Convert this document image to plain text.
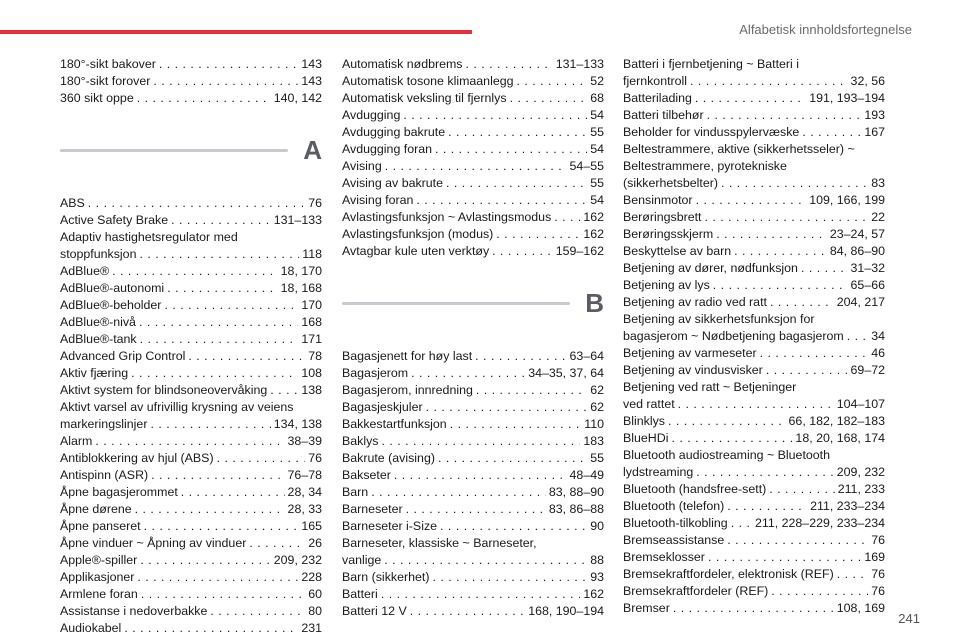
Alfabetisk innholdsfortegnelse
241
180°-sikt bakover . . .	143
180°-sikt forover . . .	143
360 sikt oppe . . .	140, 142
A
ABS . . .	76
Active Safety Brake . . .	131–133
Adaptiv hastighetsregulator med
stoppfunksjon . . .	118
AdBlue® . . .	18, 170
AdBlue®-autonomi . . .	18, 168
AdBlue®-beholder . . .	170
AdBlue®-nivå . . .	168
AdBlue®-tank . . .	171
Advanced Grip Control . . .	78
Aktiv fjæring . . .	108
Aktivt system for blindsoneovervåking . . .	138
Aktivt varsel av ufrivillig krysning av veiens
markeringslinjer . . .	134, 138
Alarm . . .	38–39
Antiblokkering av hjul (ABS) . . .	76
Antispinn (ASR) . . .	76–78
Åpne bagasjerommet . . .	28, 34
Åpne dørene . . .	28, 33
Åpne panseret . . .	165
Åpne vinduer ~ Åpning av vinduer . . .	26
Apple®-spiller . . .	209, 232
Applikasjoner . . .	228
Armlene foran . . .	60
Assistanse i nedoverbakke . . .	80
Audiokabel . . .	231
Automatisk nødbrems . . .	131–133
Automatisk tosone klimaanlegg . . .	52
Automatisk veksling til fjernlys . . .	68
Avdugging . . .	54
Avdugging bakrute . . .	55
Avdugging foran . . .	54
Avising . . .	54–55
Avising av bakrute . . .	55
Avising foran . . .	54
Avlastingsfunksjon ~ Avlastingsmodus . . .	162
Avlastingsfunksjon (modus) . . .	162
Avtagbar kule uten verktøy . . .	159–162
B
Bagasjenett for høy last . . .	63–64
Bagasjerom . . .	34–35, 37, 64
Bagasjerom, innredning . . .	62
Bagasjeskjuler . . .	62
Bakkestartfunksjon . . .	110
Baklys . . .	183
Bakrute (avising) . . .	55
Bakseter . . .	48–49
Barn . . .	83, 88–90
Barneseter . . .	83, 86–88
Barneseter i-Size . . .	90
Barneseter, klassiske ~ Barneseter,
vanlige . . .	88
Barn (sikkerhet) . . .	93
Batteri . . .	162
Batteri 12 V . . .	168, 190–194
Batteri i fjernbetjening ~ Batteri i
fjernkontroll . . .	32, 56
Batterilading . . .	191, 193–194
Batteri tilbehør . . .	193
Beholder for vindusspylervæske . . .	167
Beltestrammere, aktive (sikkerhetsseler) ~
Beltestrammere, pyrotekniske
(sikkerhetsbelter) . . .	83
Bensinmotor . . .	109, 166, 199
Berøringsbrett . . .	22
Berøringsskjerm . . .	23–24, 57
Beskyttelse av barn . . .	84, 86–90
Betjening av dører, nødfunksjon . . .	31–32
Betjening av lys . . .	65–66
Betjening av radio ved ratt . . .	204, 217
Betjening av sikkerhetsfunksjon for
bagasjerom ~ Nødbetjening bagasjerom . . . 34
Betjening av varmeseter . . .	46
Betjening av vindusvisker . . .	69–72
Betjening ved ratt ~ Betjeninger
ved rattet . . .	104–107
Blinklys . . .	66, 182, 182–183
BlueHDi . . .	18, 20, 168, 174
Bluetooth audiostreaming ~ Bluetooth
lydstreaming . . .	209, 232
Bluetooth (handsfree-sett) . . .	211, 233
Bluetooth (telefon) . . .	211, 233–234
Bluetooth-tilkobling . . . 211, 228–229, 233–234
Bremseassistanse . . .	76
Bremseklosser . . .	169
Bremsekraftfordeler, elektronisk (REF) . . .	76
Bremsekraftfordeler (REF) . . .	76
Bremser . . .	108, 169
